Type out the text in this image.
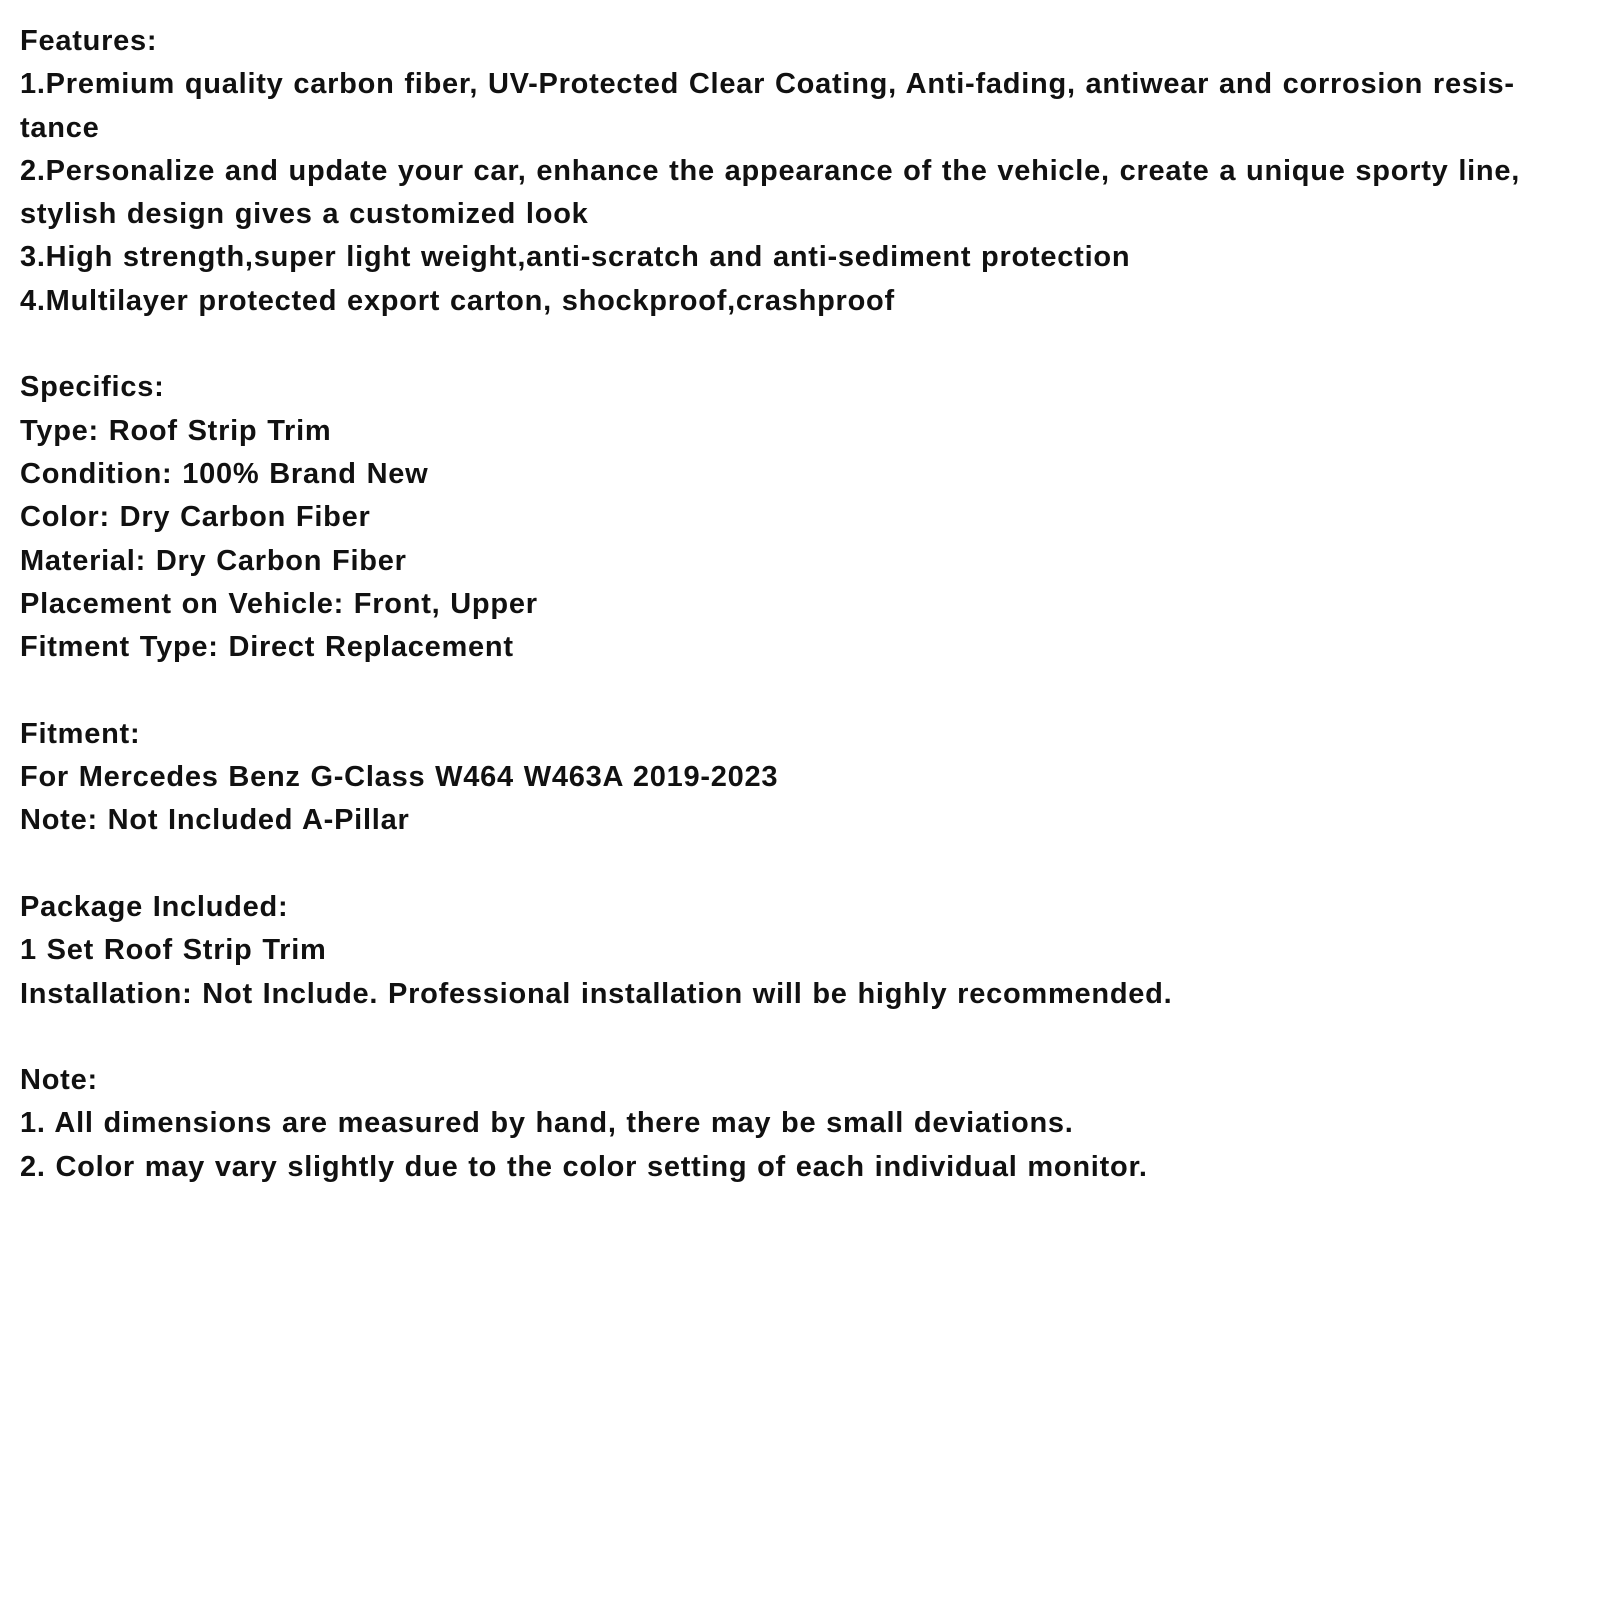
Features:
1.Premium quality carbon fiber, UV-Protected Clear Coating, Anti-fading, antiwear and corrosion resis-
tance
2.Personalize and update your car, enhance the appearance of the vehicle, create a unique sporty line,
stylish design gives a customized look
3.High strength,super light weight,anti-scratch and anti-sediment protection
4.Multilayer protected export carton, shockproof,crashproof
Specifics:
Type: Roof Strip Trim
Condition: 100% Brand New
Color: Dry Carbon Fiber
Material: Dry Carbon Fiber
Placement on Vehicle: Front, Upper
Fitment Type: Direct Replacement
Fitment:
For Mercedes Benz G-Class W464 W463A 2019-2023
Note: Not Included A-Pillar
Package Included:
1 Set Roof Strip Trim
Installation: Not Include. Professional installation will be highly recommended.
Note:
1. All dimensions are measured by hand, there may be small deviations.
2. Color may vary slightly due to the color setting of each individual monitor.
